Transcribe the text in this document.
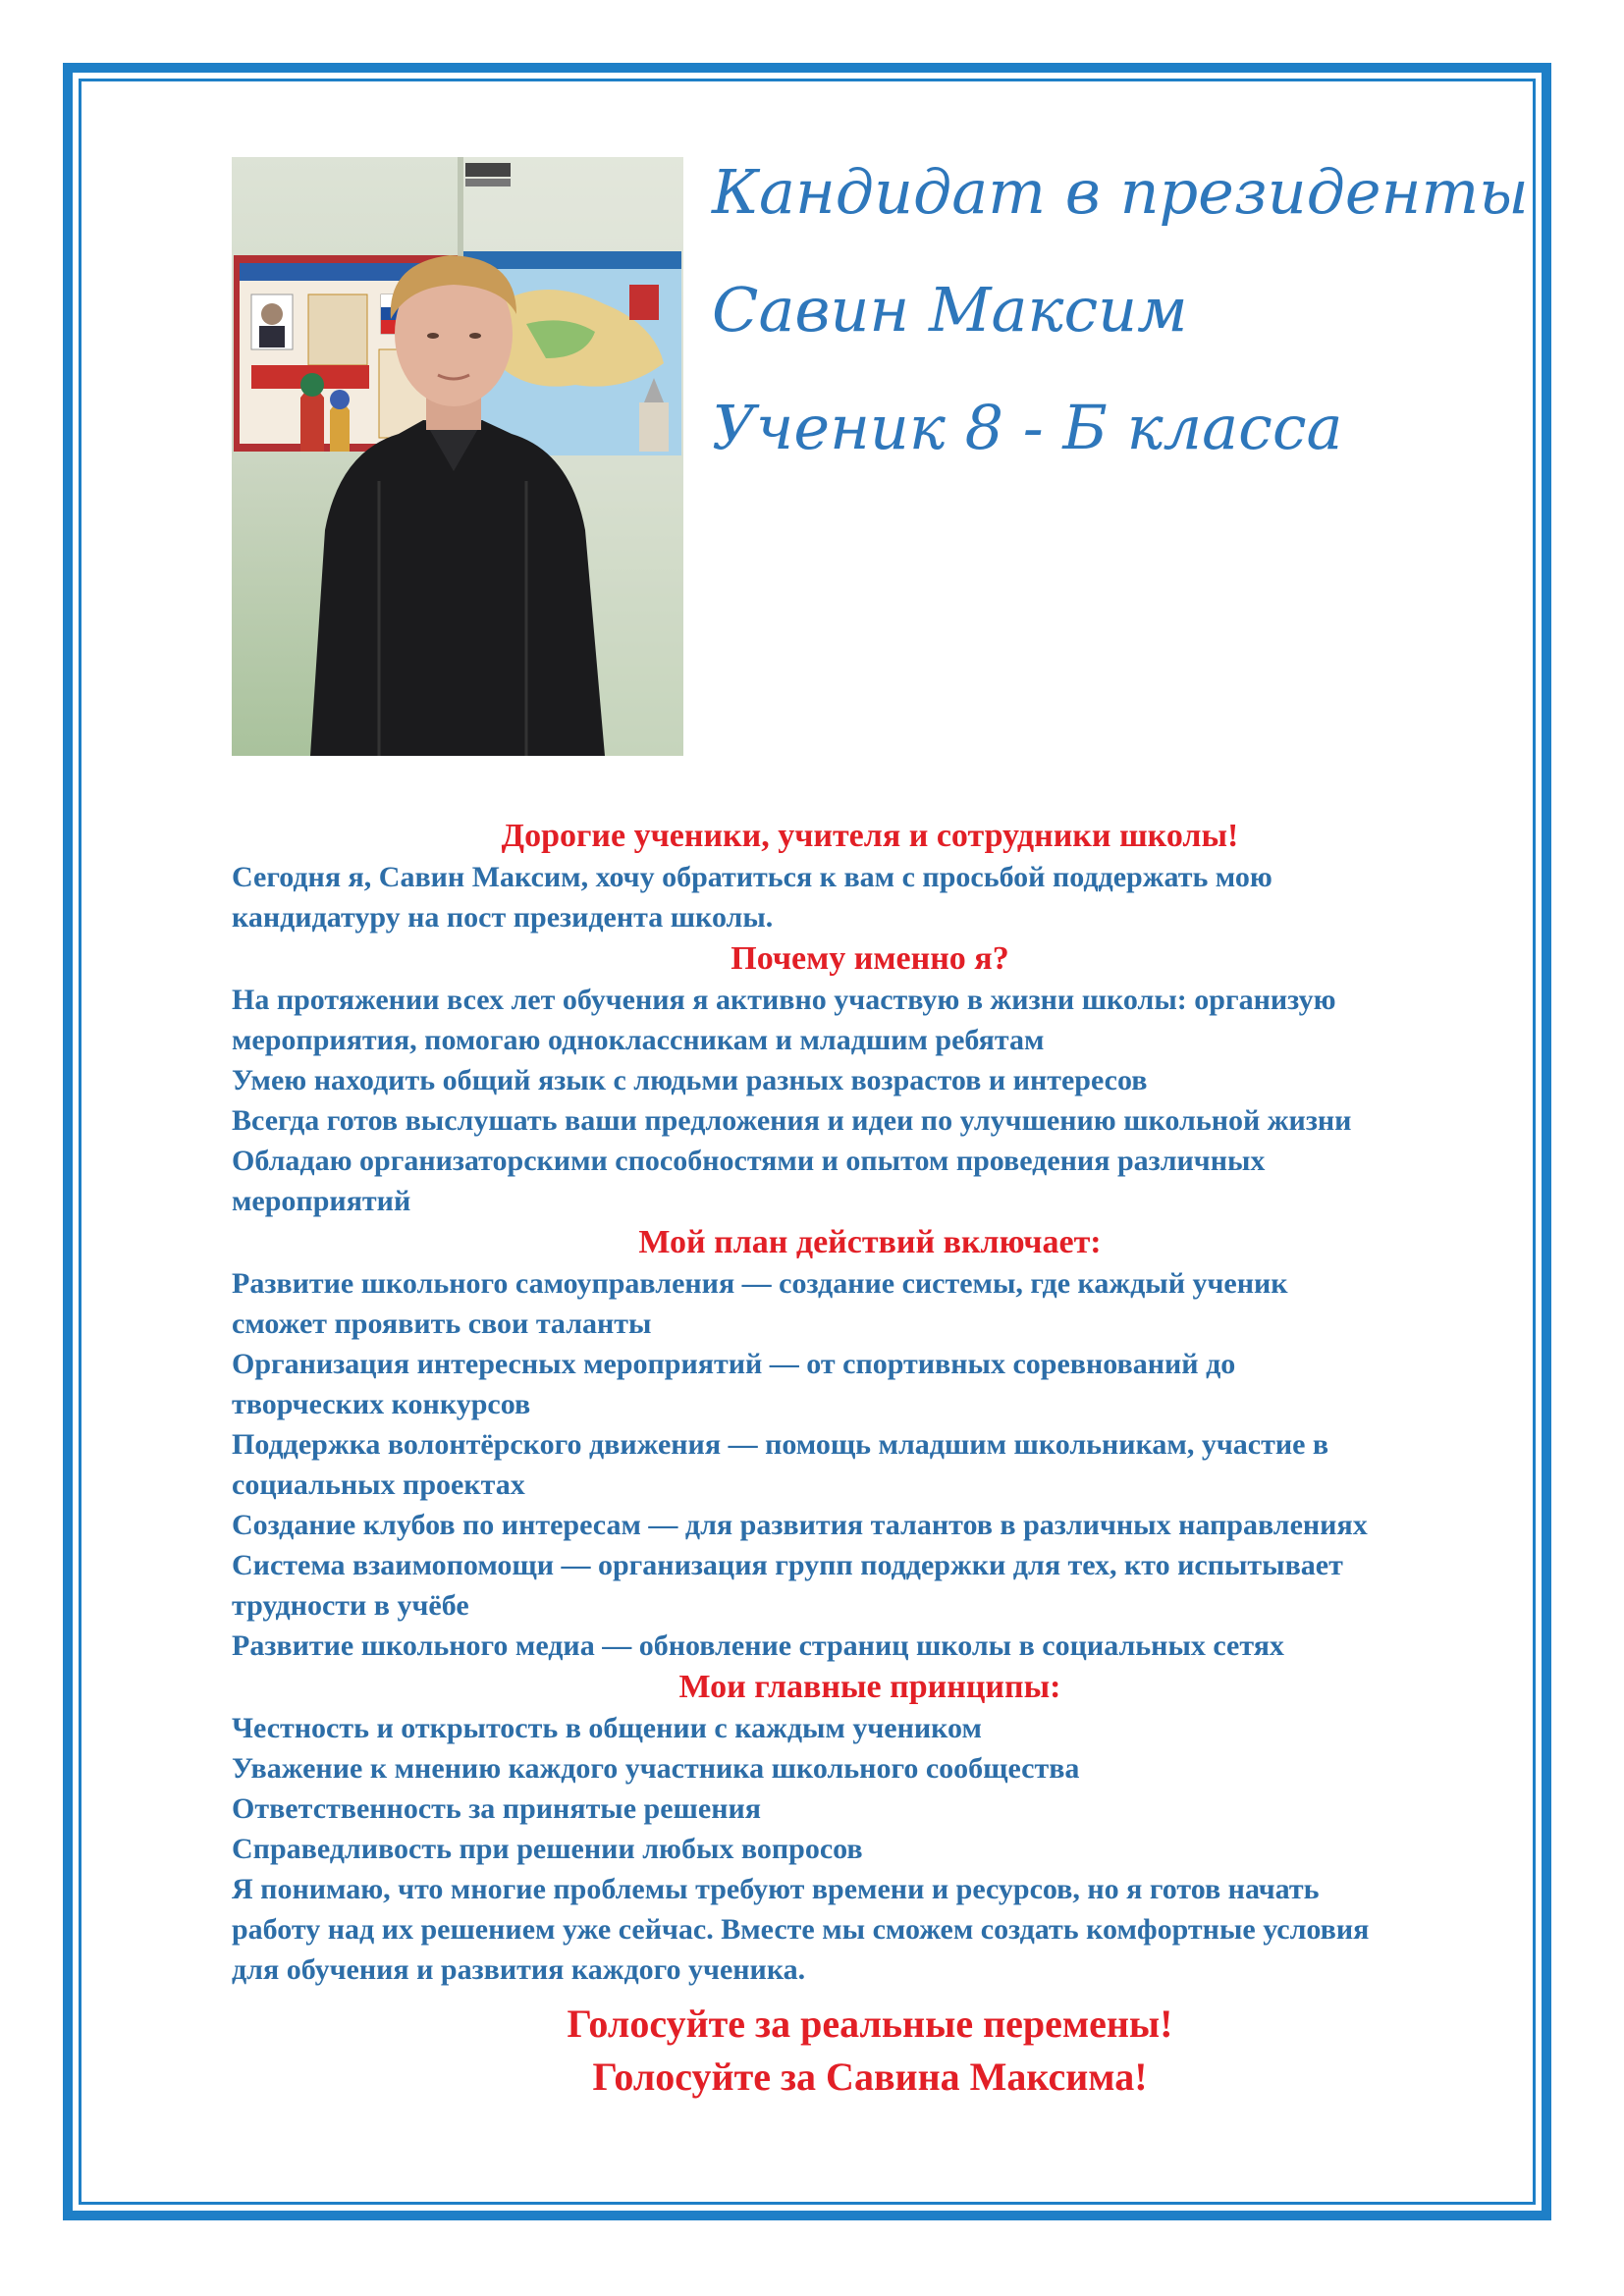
Кандидат в президенты
Савин Максим
Ученик 8 - Б класса
Дорогие ученики, учителя и сотрудники школы!
Сегодня я, Савин Максим, хочу обратиться к вам с просьбой поддержать мою
кандидатуру на пост президента школы.
Почему именно я?
На протяжении всех лет обучения я активно участвую в жизни школы: организую
мероприятия, помогаю одноклассникам и младшим ребятам
Умею находить общий язык с людьми разных возрастов и интересов
Всегда готов выслушать ваши предложения и идеи по улучшению школьной жизни
Обладаю организаторскими способностями и опытом проведения различных
мероприятий
Мой план действий включает:
Развитие школьного самоуправления — создание системы, где каждый ученик
сможет проявить свои таланты
Организация интересных мероприятий — от спортивных соревнований до
творческих конкурсов
Поддержка волонтёрского движения — помощь младшим школьникам, участие в
социальных проектах
Создание клубов по интересам — для развития талантов в различных направлениях
Система взаимопомощи — организация групп поддержки для тех, кто испытывает
трудности в учёбе
Развитие школьного медиа — обновление страниц школы в социальных сетях
Мои главные принципы:
Честность и открытость в общении с каждым учеником
Уважение к мнению каждого участника школьного сообщества
Ответственность за принятые решения
Справедливость при решении любых вопросов
Я понимаю, что многие проблемы требуют времени и ресурсов, но я готов начать
работу над их решением уже сейчас. Вместе мы сможем создать комфортные условия
для обучения и развития каждого ученика.
Голосуйте за реальные перемены!
Голосуйте за Савина Максима!
